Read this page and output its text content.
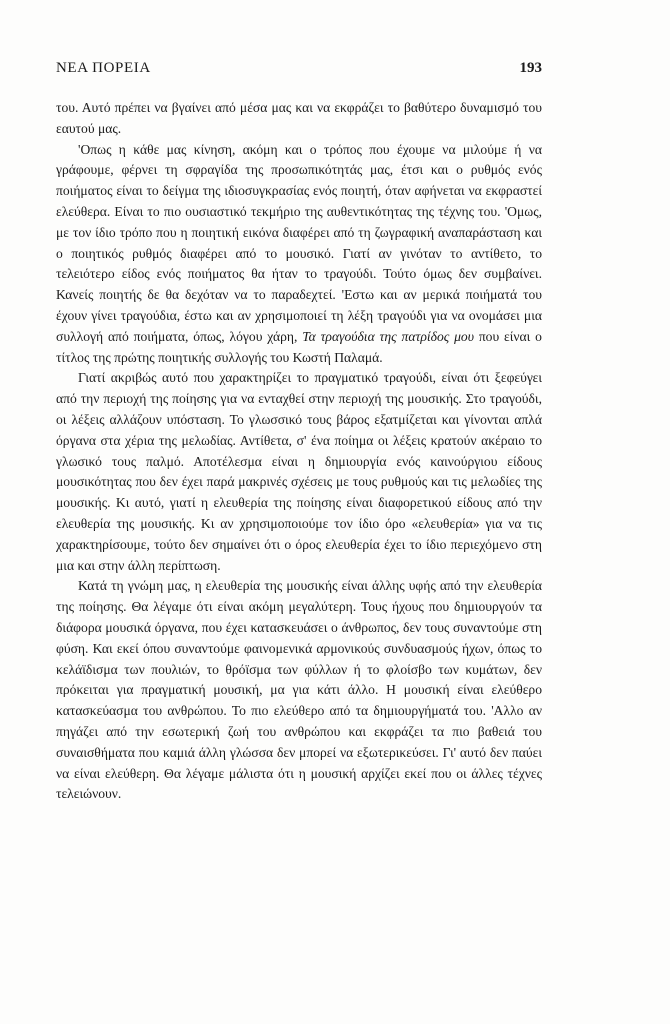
ΝΕΑ ΠΟΡΕΙΑ	193

του. Αυτό πρέπει να βγαίνει από μέσα μας και να εκφράζει το βαθύτερο δυναμισμό του εαυτού μας.

'Οπως η κάθε μας κίνηση, ακόμη και ο τρόπος που έχουμε να μιλούμε ή να γράφουμε, φέρνει τη σφραγίδα της προσωπικότητάς μας, έτσι και ο ρυθμός ενός ποιήματος είναι το δείγμα της ιδιοσυγκρασίας ενός ποιητή, όταν αφήνεται να εκφραστεί ελεύθερα. Είναι το πιο ουσιαστικό τεκμήριο της αυθεντικότητας της τέχνης του. 'Ομως, με τον ίδιο τρόπο που η ποιητική εικόνα διαφέρει από τη ζωγραφική αναπαράσταση και ο ποιητικός ρυθμός διαφέρει από το μουσικό. Γιατί αν γινόταν το αντίθετο, το τελειότερο είδος ενός ποιήματος θα ήταν το τραγούδι. Τούτο όμως δεν συμβαίνει. Κανείς ποιητής δε θα δεχόταν να το παραδεχτεί. 'Εστω και αν μερικά ποιήματά του έχουν γίνει τραγούδια, έστω και αν χρησιμοποιεί τη λέξη τραγούδι για να ονομάσει μια συλλογή από ποιήματα, όπως, λόγου χάρη, Τα τραγούδια της πατρίδος μου που είναι ο τίτλος της πρώτης ποιητικής συλλογής του Κωστή Παλαμά.

Γιατί ακριβώς αυτό που χαρακτηρίζει το πραγματικό τραγούδι, είναι ότι ξεφεύγει από την περιοχή της ποίησης για να ενταχθεί στην περιοχή της μουσικής. Στο τραγούδι, οι λέξεις αλλάζουν υπόσταση. Το γλωσσικό τους βάρος εξατμίζεται και γίνονται απλά όργανα στα χέρια της μελωδίας. Αντίθετα, σ' ένα ποίημα οι λέξεις κρατούν ακέραιο το γλωσικό τους παλμό. Αποτέλεσμα είναι η δημιουργία ενός καινούργιου είδους μουσικότητας που δεν έχει παρά μακρινές σχέσεις με τους ρυθμούς και τις μελωδίες της μουσικής. Κι αυτό, γιατί η ελευθερία της ποίησης είναι διαφορετικού είδους από την ελευθερία της μουσικής. Κι αν χρησιμοποιούμε τον ίδιο όρο «ελευθερία» για να τις χαρακτηρίσουμε, τούτο δεν σημαίνει ότι ο όρος ελευθερία έχει το ίδιο περιεχόμενο στη μια και στην άλλη περίπτωση.

Κατά τη γνώμη μας, η ελευθερία της μουσικής είναι άλλης υφής από την ελευθερία της ποίησης. Θα λέγαμε ότι είναι ακόμη μεγαλύτερη. Τους ήχους που δημιουργούν τα διάφορα μουσικά όργανα, που έχει κατασκευάσει ο άνθρωπος, δεν τους συναντούμε στη φύση. Και εκεί όπου συναντούμε φαινομενικά αρμονικούς συνδυασμούς ήχων, όπως το κελάϊδισμα των πουλιών, το θρόϊσμα των φύλλων ή το φλοίσβο των κυμάτων, δεν πρόκειται για πραγματική μουσική, μα για κάτι άλλο. Η μουσική είναι ελεύθερο κατασκεύασμα του ανθρώπου. Το πιο ελεύθερο από τα δημιουργήματά του. 'Αλλο αν πηγάζει από την εσωτερική ζωή του ανθρώπου και εκφράζει τα πιο βαθειά του συναισθήματα που καμιά άλλη γλώσσα δεν μπορεί να εξωτερικεύσει. Γι' αυτό δεν παύει να είναι ελεύθερη. Θα λέγαμε μάλιστα ότι η μουσική αρχίζει εκεί που οι άλλες τέχνες τελειώνουν.
